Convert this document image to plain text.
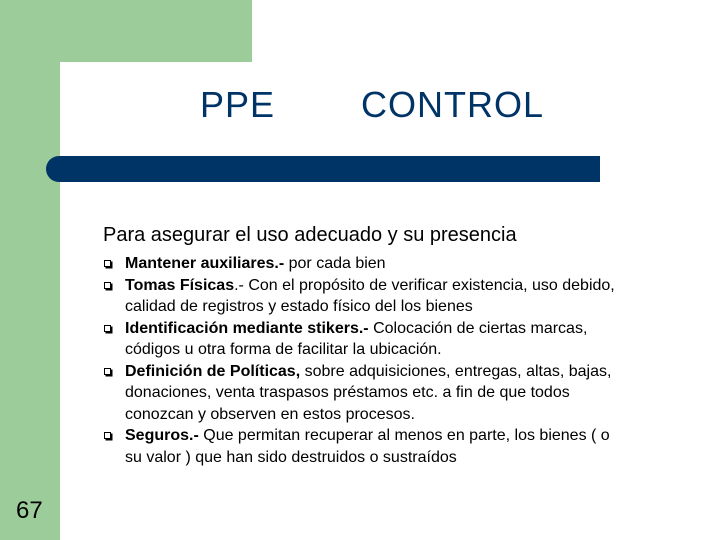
PPE CONTROL
Para asegurar el uso adecuado y su presencia
Mantener auxiliares.- por cada bien
Tomas Físicas.- Con el propósito de verificar existencia, uso debido, calidad de registros y estado físico del los bienes
Identificación mediante stikers.- Colocación de ciertas marcas, códigos u otra forma de facilitar la ubicación.
Definición de Políticas, sobre adquisiciones, entregas, altas, bajas, donaciones, venta traspasos préstamos etc. a fin de que todos conozcan y observen en estos procesos.
Seguros.- Que permitan recuperar al menos en parte, los bienes ( o su valor ) que han sido destruidos o sustraídos
67
